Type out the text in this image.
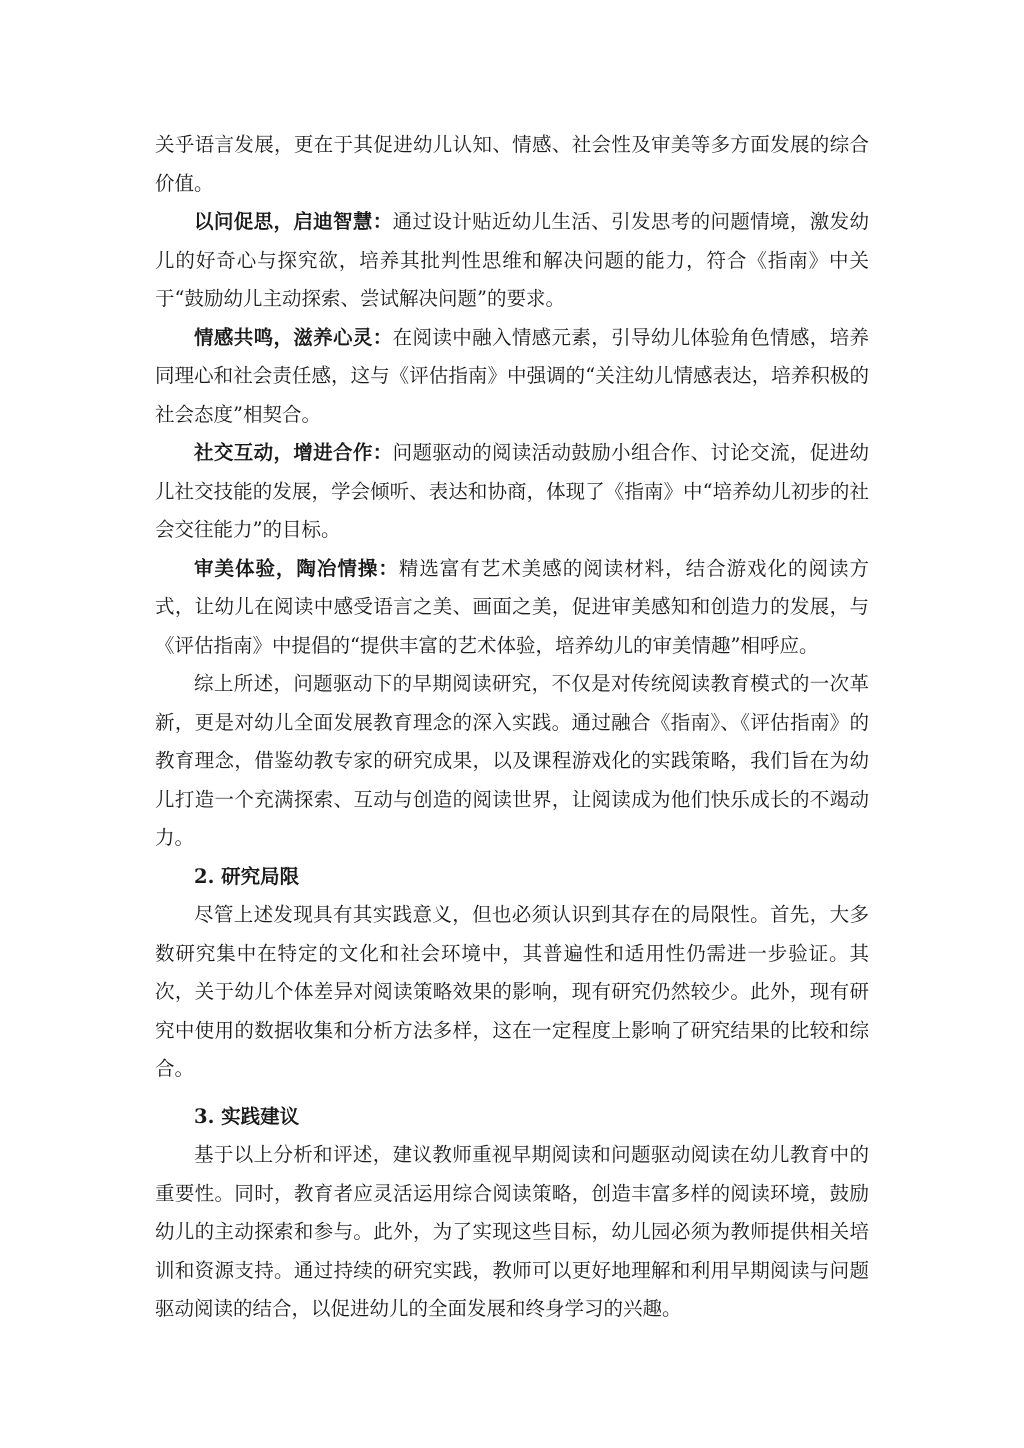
关乎语言发展，更在于其促进幼儿认知、情感、社会性及审美等多方面发展的综合价值。

以问促思，启迪智慧：通过设计贴近幼儿生活、引发思考的问题情境，激发幼儿的好奇心与探究欲，培养其批判性思维和解决问题的能力，符合《指南》中关于“鼓励幼儿主动探索、尝试解决问题”的要求。

情感共鸣，滋养心灵：在阅读中融入情感元素，引导幼儿体验角色情感，培养同理心和社会责任感，这与《评估指南》中强调的“关注幼儿情感表达，培养积极的社会态度”相契合。

社交互动，增进合作：问题驱动的阅读活动鼓励小组合作、讨论交流，促进幼儿社交技能的发展，学会倾听、表达和协商，体现了《指南》中“培养幼儿初步的社会交往能力”的目标。

审美体验，陶冶情操：精选富有艺术美感的阅读材料，结合游戏化的阅读方式，让幼儿在阅读中感受语言之美、画面之美，促进审美感知和创造力的发展，与《评估指南》中提倡的“提供丰富的艺术体验，培养幼儿的审美情趣”相呼应。

综上所述，问题驱动下的早期阅读研究，不仅是对传统阅读教育模式的一次革新，更是对幼儿全面发展教育理念的深入实践。通过融合《指南》、《评估指南》的教育理念，借鉴幼教专家的研究成果，以及课程游戏化的实践策略，我们旨在为幼儿打造一个充满探索、互动与创造的阅读世界，让阅读成为他们快乐成长的不竭动力。

2. 研究局限

尽管上述发现具有其实践意义，但也必须认识到其存在的局限性。首先，大多数研究集中在特定的文化和社会环境中，其普遍性和适用性仍需进一步验证。其次，关于幼儿个体差异对阅读策略效果的影响，现有研究仍然较少。此外，现有研究中使用的数据收集和分析方法多样，这在一定程度上影响了研究结果的比较和综合。

3. 实践建议

基于以上分析和评述，建议教师重视早期阅读和问题驱动阅读在幼儿教育中的重要性。同时，教育者应灵活运用综合阅读策略，创造丰富多样的阅读环境，鼓励幼儿的主动探索和参与。此外，为了实现这些目标，幼儿园必须为教师提供相关培训和资源支持。通过持续的研究实践，教师可以更好地理解和利用早期阅读与问题驱动阅读的结合，以促进幼儿的全面发展和终身学习的兴趣。
